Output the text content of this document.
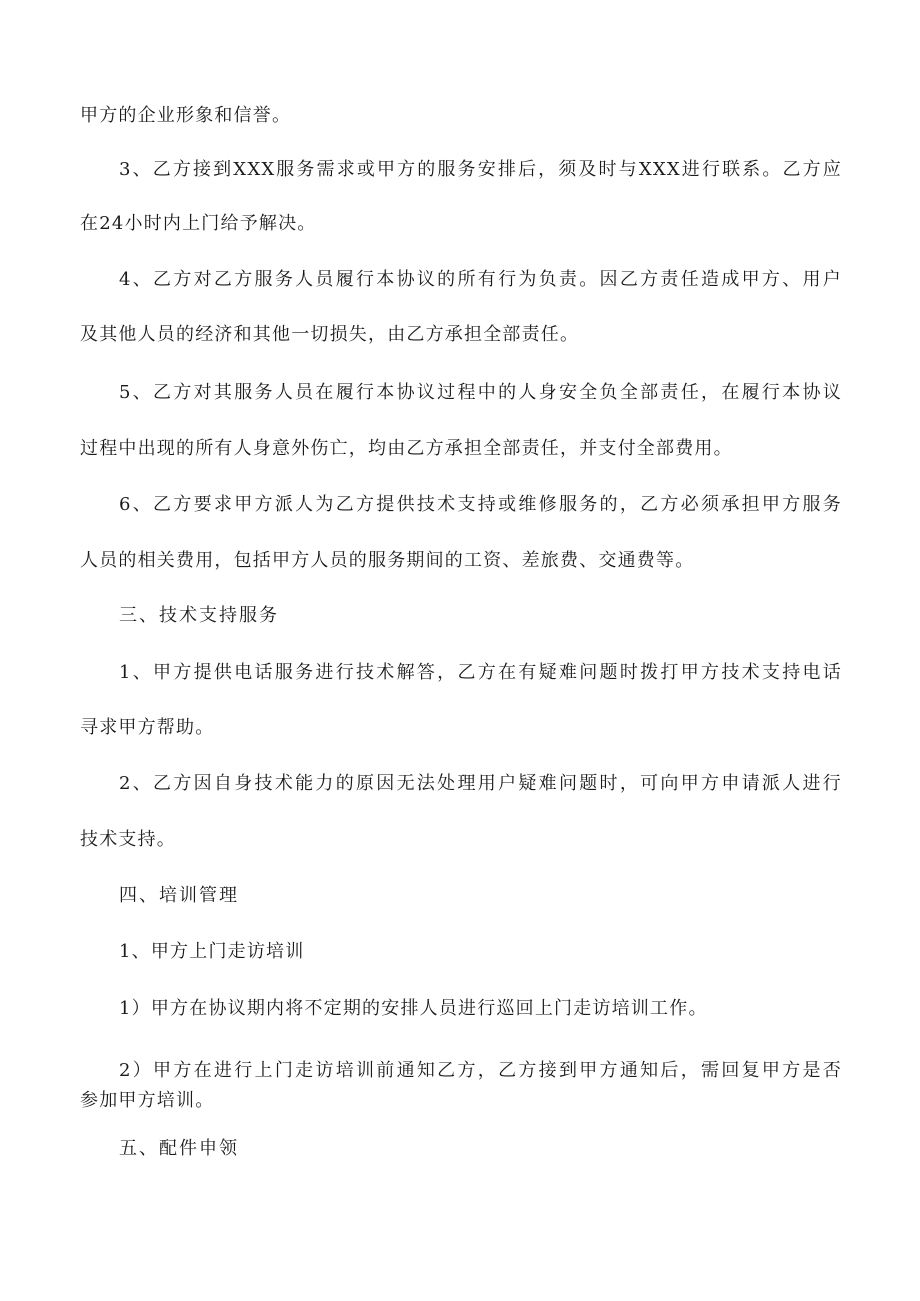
甲方的企业形象和信誉。
3、乙方接到XXX服务需求或甲方的服务安排后，须及时与XXX进行联系。乙方应
在24小时内上门给予解决。
4、乙方对乙方服务人员履行本协议的所有行为负责。因乙方责任造成甲方、用户
及其他人员的经济和其他一切损失，由乙方承担全部责任。
5、乙方对其服务人员在履行本协议过程中的人身安全负全部责任，在履行本协议
过程中出现的所有人身意外伤亡，均由乙方承担全部责任，并支付全部费用。
6、乙方要求甲方派人为乙方提供技术支持或维修服务的，乙方必须承担甲方服务
人员的相关费用，包括甲方人员的服务期间的工资、差旅费、交通费等。
三、技术支持服务
1、甲方提供电话服务进行技术解答，乙方在有疑难问题时拨打甲方技术支持电话
寻求甲方帮助。
2、乙方因自身技术能力的原因无法处理用户疑难问题时，可向甲方申请派人进行
技术支持。
四、培训管理
1、甲方上门走访培训
1）甲方在协议期内将不定期的安排人员进行巡回上门走访培训工作。
2）甲方在进行上门走访培训前通知乙方，乙方接到甲方通知后，需回复甲方是否
参加甲方培训。
五、配件申领
